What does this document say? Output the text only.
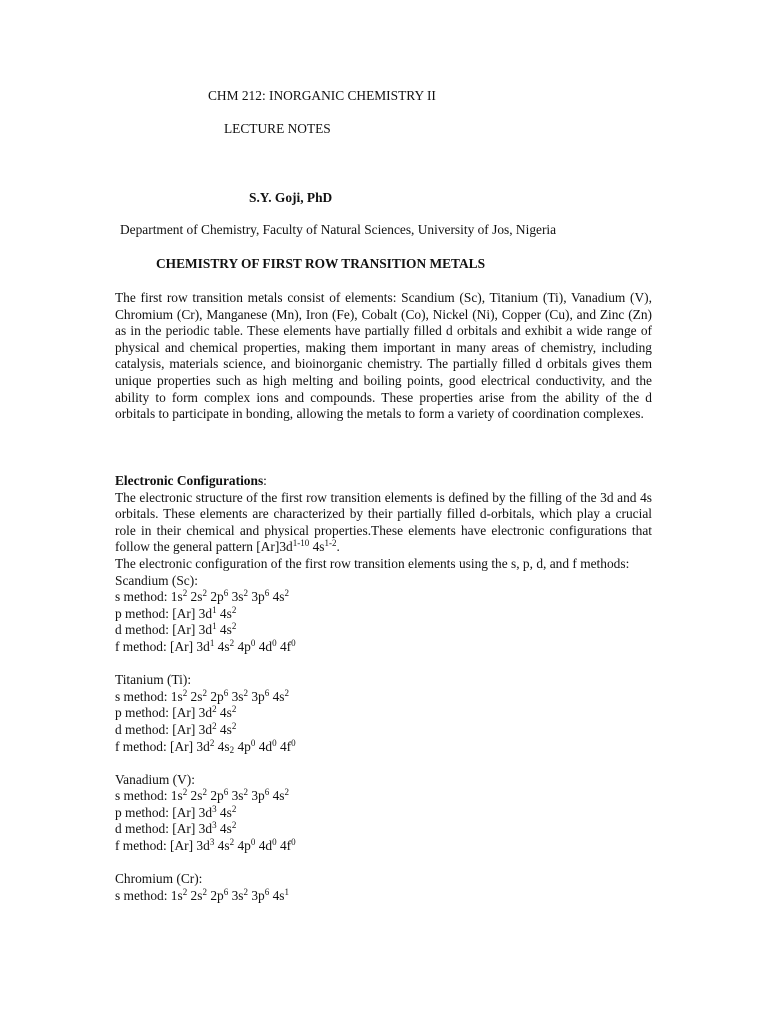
CHM 212: INORGANIC CHEMISTRY II
LECTURE NOTES
S.Y. Goji, PhD
Department of Chemistry, Faculty of Natural Sciences, University of Jos, Nigeria
CHEMISTRY OF FIRST ROW TRANSITION METALS
The first row transition metals consist of elements: Scandium (Sc), Titanium (Ti), Vanadium (V), Chromium (Cr), Manganese (Mn), Iron (Fe), Cobalt (Co), Nickel (Ni), Copper (Cu), and Zinc (Zn) as in the periodic table. These elements have partially filled d orbitals and exhibit a wide range of physical and chemical properties, making them important in many areas of chemistry, including catalysis, materials science, and bioinorganic chemistry. The partially filled d orbitals gives them unique properties such as high melting and boiling points, good electrical conductivity, and the ability to form complex ions and compounds. These properties arise from the ability of the d orbitals to participate in bonding, allowing the metals to form a variety of coordination complexes.
Electronic Configurations:
The electronic structure of the first row transition elements is defined by the filling of the 3d and 4s orbitals. These elements are characterized by their partially filled d-orbitals, which play a crucial role in their chemical and physical properties.These elements have electronic configurations that follow the general pattern $[Ar]3d^{1-10}$ $4s^{1-2}$.
The electronic configuration of the first row transition elements using the s, p, d, and f methods:
Scandium (Sc):
s method: $1s^2$ $2s^2$ $2p^6$ $3s^2$ $3p^6$ $4s^2$
p method: [Ar] $3d^1$ $4s^2$
d method: [Ar] $3d^1$ $4s^2$
f method: [Ar] $3d^1$ $4s^2$ $4p^0$ $4d^0$ $4f^0$
Titanium (Ti):
s method: $1s^2$ $2s^2$ $2p^6$ $3s^2$ $3p^6$ $4s^2$
p method: [Ar] $3d^2$ $4s^2$
d method: [Ar] $3d^2$ $4s^2$
f method: [Ar] $3d^2$ $4s_2$ $4p^0$ $4d^0$ $4f^0$
Vanadium (V):
s method: $1s^2$ $2s^2$ $2p^6$ $3s^2$ $3p^6$ $4s^2$
p method: [Ar] $3d^3$ $4s^2$
d method: [Ar] $3d^3$ $4s^2$
f method: [Ar] $3d^3$ $4s^2$ $4p^0$ $4d^0$ $4f^0$
Chromium (Cr):
s method: $1s^2$ $2s^2$ $2p^6$ $3s^2$ $3p^6$ $4s^1$
